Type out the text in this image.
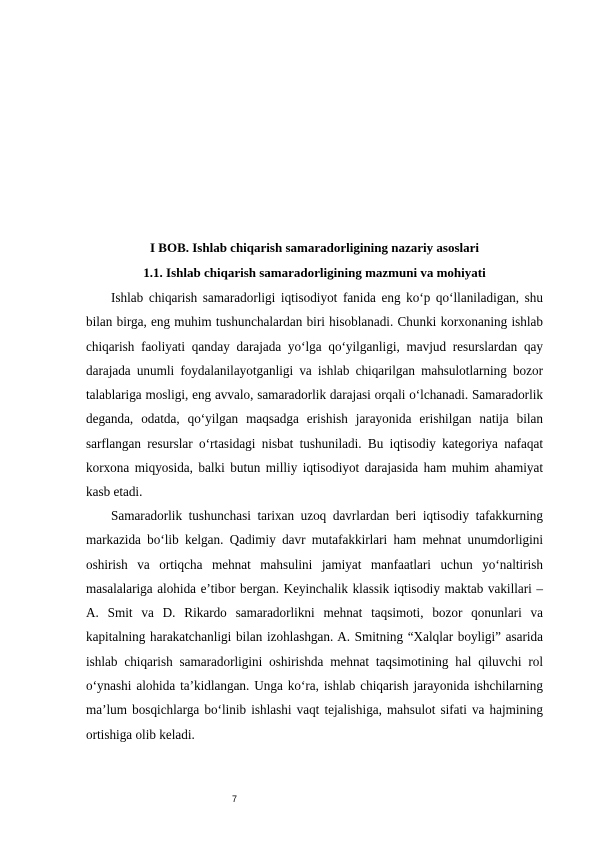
I BOB. Ishlab chiqarish samaradorligining nazariy asoslari
1.1. Ishlab chiqarish samaradorligining mazmuni va mohiyati

Ishlab chiqarish samaradorligi iqtisodiyot fanida eng ko‘p qo‘llaniladigan, shu bilan birga, eng muhim tushunchalardan biri hisoblanadi. Chunki korxonaning ishlab chiqarish faoliyati qanday darajada yo‘lga qo‘yilganligi, mavjud resurslardan qay darajada unumli foydalanilayotganligi va ishlab chiqarilgan mahsulotlarning bozor talablariga mosligi, eng avvalo, samaradorlik darajasi orqali o‘lchanadi. Samaradorlik deganda, odatda, qo‘yilgan maqsadga erishish jarayonida erishilgan natija bilan sarflangan resurslar o‘rtasidagi nisbat tushuniladi. Bu iqtisodiy kategoriya nafaqat korxona miqyosida, balki butun milliy iqtisodiyot darajasida ham muhim ahamiyat kasb etadi.

Samaradorlik tushunchasi tarixan uzoq davrlardan beri iqtisodiy tafakkurning markazida bo‘lib kelgan. Qadimiy davr mutafakkirlari ham mehnat unumdorligini oshirish va ortiqcha mehnat mahsulini jamiyat manfaatlari uchun yo‘naltirish masalalariga alohida e’tibor bergan. Keyinchalik klassik iqtisodiy maktab vakillari – A. Smit va D. Rikardo samaradorlikni mehnat taqsimoti, bozor qonunlari va kapitalning harakatchanligi bilan izohlashgan. A. Smitning “Xalqlar boyligi” asarida ishlab chiqarish samaradorligini oshirishda mehnat taqsimotining hal qiluvchi rol o‘ynashi alohida ta’kidlangan. Unga ko‘ra, ishlab chiqarish jarayonida ishchilarning ma’lum bosqichlarga bo‘linib ishlashi vaqt tejalishiga, mahsulot sifati va hajmining ortishiga olib keladi.

7
